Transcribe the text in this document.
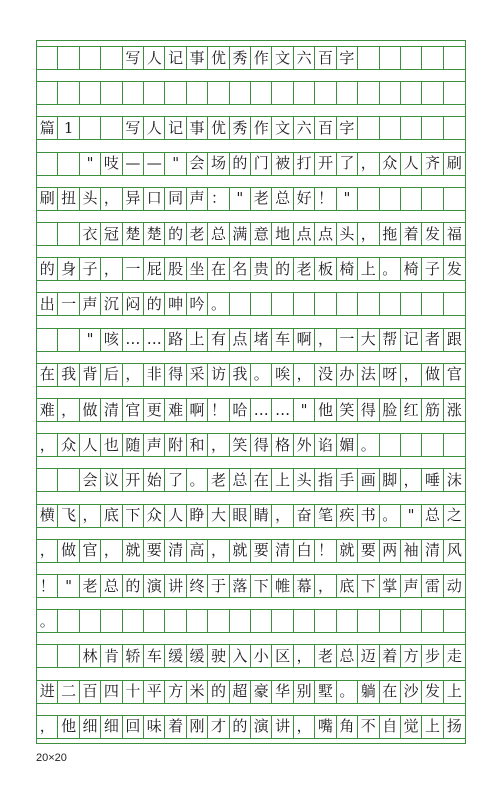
写 人 记 事 优 秀 作 文 六 百 字
篇 1	写 人 记 事 优 秀 作 文 六 百 字
" 吱 — — " 会 场 的 门 被 打 开 了 ， 众 人 齐 刷
刷 扭 头 ， 异 口 同 声 ： " 老 总 好 ！ "
衣 冠 楚 楚 的 老 总 满 意 地 点 点 头 ， 拖 着 发 福
的 身 子 ， 一 屁 股 坐 在 名 贵 的 老 板 椅 上 。 椅 子 发
出 一 声 沉 闷 的 呻 吟 。
" 咳 … … 路 上 有 点 堵 车 啊 ， 一 大 帮 记 者 跟
在 我 背 后 ， 非 得 采 访 我 。 唉 ， 没 办 法 呀 ， 做 官
难 ， 做 清 官 更 难 啊 ！ 哈 … … " 他 笑 得 脸 红 筋 涨
， 众 人 也 随 声 附 和 ， 笑 得 格 外 谄 媚 。
会 议 开 始 了 。 老 总 在 上 头 指 手 画 脚 ， 唾 沫
横 飞 ， 底 下 众 人 睁 大 眼 睛 ， 奋 笔 疾 书 。 " 总 之
， 做 官 ， 就 要 清 高 ， 就 要 清 白 ！ 就 要 两 袖 清 风
！ " 老 总 的 演 讲 终 于 落 下 帷 幕 ， 底 下 掌 声 雷 动
。
林 肯 轿 车 缓 缓 驶 入 小 区 ， 老 总 迈 着 方 步 走
进 二 百 四 十 平 方 米 的 超 豪 华 别 墅 。 躺 在 沙 发 上
， 他 细 细 回 味 着 刚 才 的 演 讲 ， 嘴 角 不 自 觉 上 扬
20×20
